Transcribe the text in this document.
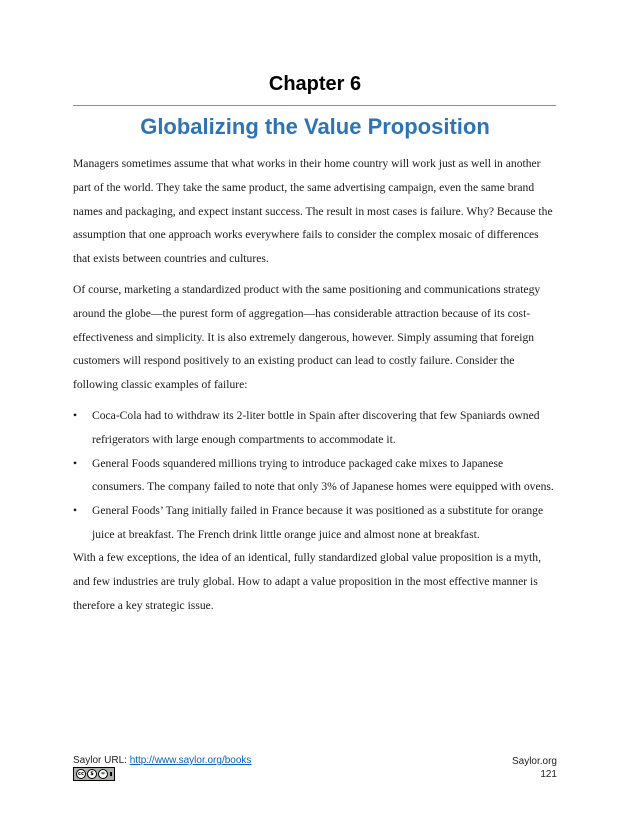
Chapter 6
Globalizing the Value Proposition

Managers sometimes assume that what works in their home country will work just as well in another part of the world. They take the same product, the same advertising campaign, even the same brand names and packaging, and expect instant success. The result in most cases is failure. Why? Because the assumption that one approach works everywhere fails to consider the complex mosaic of differences that exists between countries and cultures.

Of course, marketing a standardized product with the same positioning and communications strategy around the globe—the purest form of aggregation—has considerable attraction because of its cost-effectiveness and simplicity. It is also extremely dangerous, however. Simply assuming that foreign customers will respond positively to an existing product can lead to costly failure. Consider the following classic examples of failure:

• Coca-Cola had to withdraw its 2-liter bottle in Spain after discovering that few Spaniards owned refrigerators with large enough compartments to accommodate it.
• General Foods squandered millions trying to introduce packaged cake mixes to Japanese consumers. The company failed to note that only 3% of Japanese homes were equipped with ovens.
• General Foods’ Tang initially failed in France because it was positioned as a substitute for orange juice at breakfast. The French drink little orange juice and almost none at breakfast.

With a few exceptions, the idea of an identical, fully standardized global value proposition is a myth, and few industries are truly global. How to adapt a value proposition in the most effective manner is therefore a key strategic issue.

Saylor URL: http://www.saylor.org/books
cc	$	=
Saylor.org
121
